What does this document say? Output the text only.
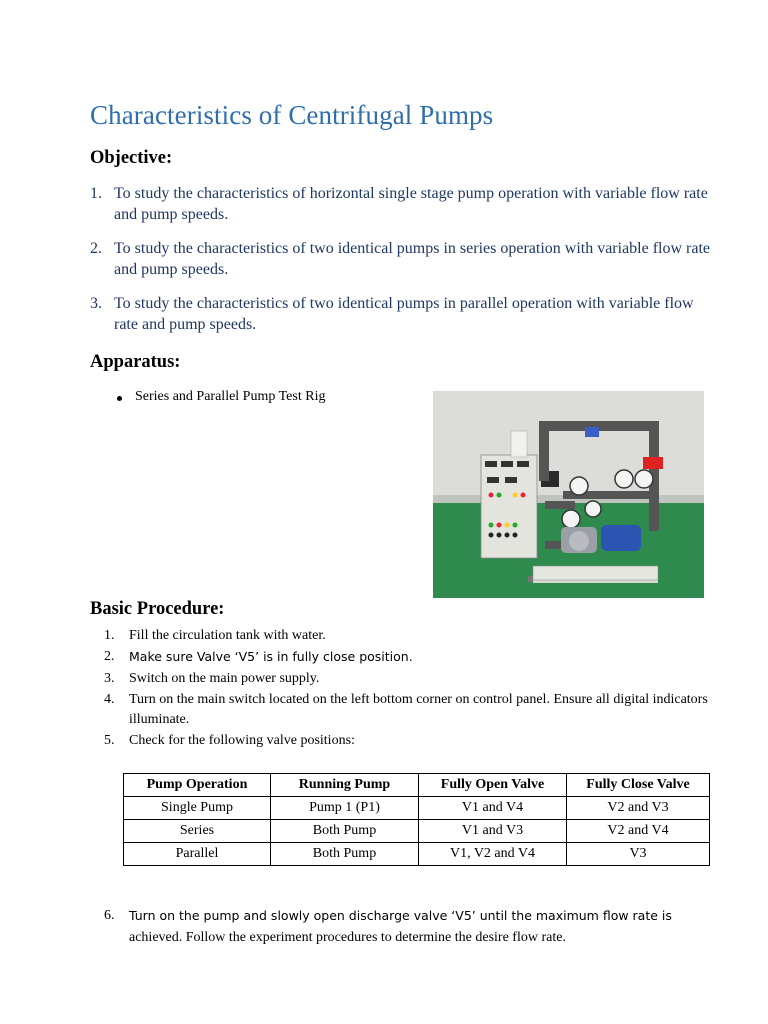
Characteristics of Centrifugal Pumps
Objective:
1. To study the characteristics of horizontal single stage pump operation with variable flow rate and pump speeds.
2. To study the characteristics of two identical pumps in series operation with variable flow rate and pump speeds.
3. To study the characteristics of two identical pumps in parallel operation with variable flow rate and pump speeds.
Apparatus:
Series and Parallel Pump Test Rig
Basic Procedure:
1. Fill the circulation tank with water.
2. Make sure Valve ‘V5’ is in fully close position.
3. Switch on the main power supply.
4. Turn on the main switch located on the left bottom corner on control panel. Ensure all digital indicators illuminate.
5. Check for the following valve positions:
Pump Operation	Running Pump	Fully Open Valve	Fully Close Valve
Single Pump	Pump 1 (P1)	V1 and V4	V2 and V3
Series	Both Pump	V1 and V3	V2 and V4
Parallel	Both Pump	V1, V2 and V4	V3
6. Turn on the pump and slowly open discharge valve ‘V5’ until the maximum flow rate is
achieved. Follow the experiment procedures to determine the desire flow rate.
